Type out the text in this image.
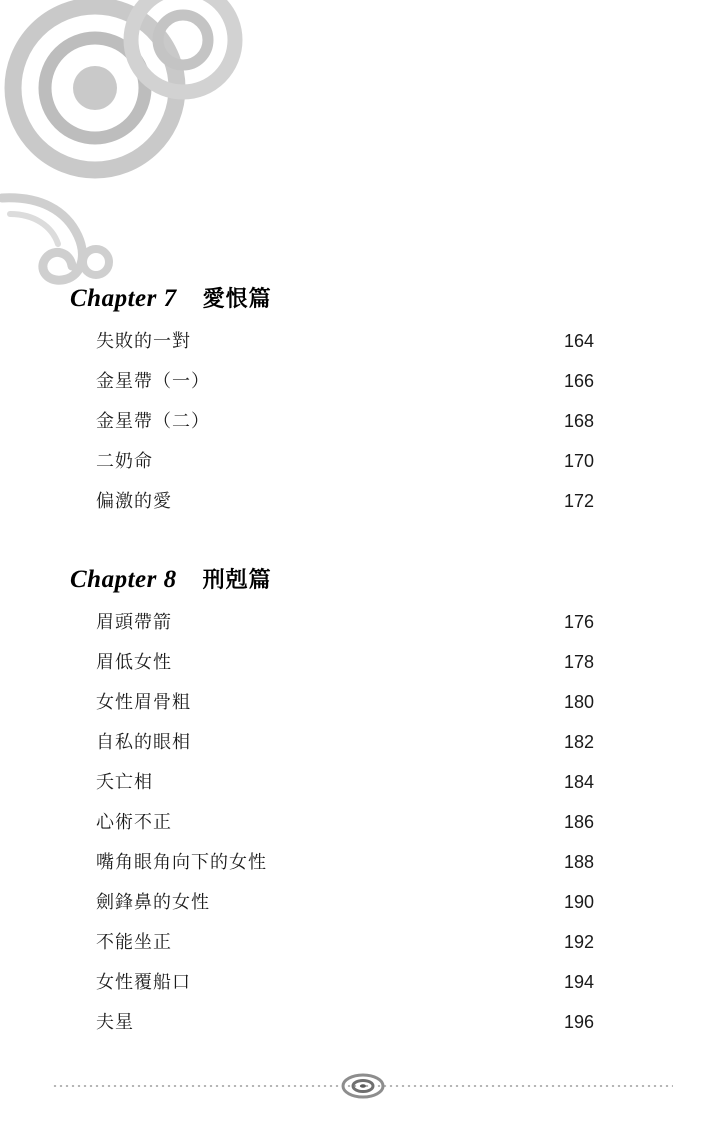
Chapter 7 愛恨篇
失敗的一對	164
金星帶（一）	166
金星帶（二）	168
二奶命	170
偏激的愛	172
Chapter 8 刑剋篇
眉頭帶箭	176
眉低女性	178
女性眉骨粗	180
自私的眼相	182
夭亡相	184
心術不正	186
嘴角眼角向下的女性	188
劍鋒鼻的女性	190
不能坐正	192
女性覆船口	194
夫星	196
